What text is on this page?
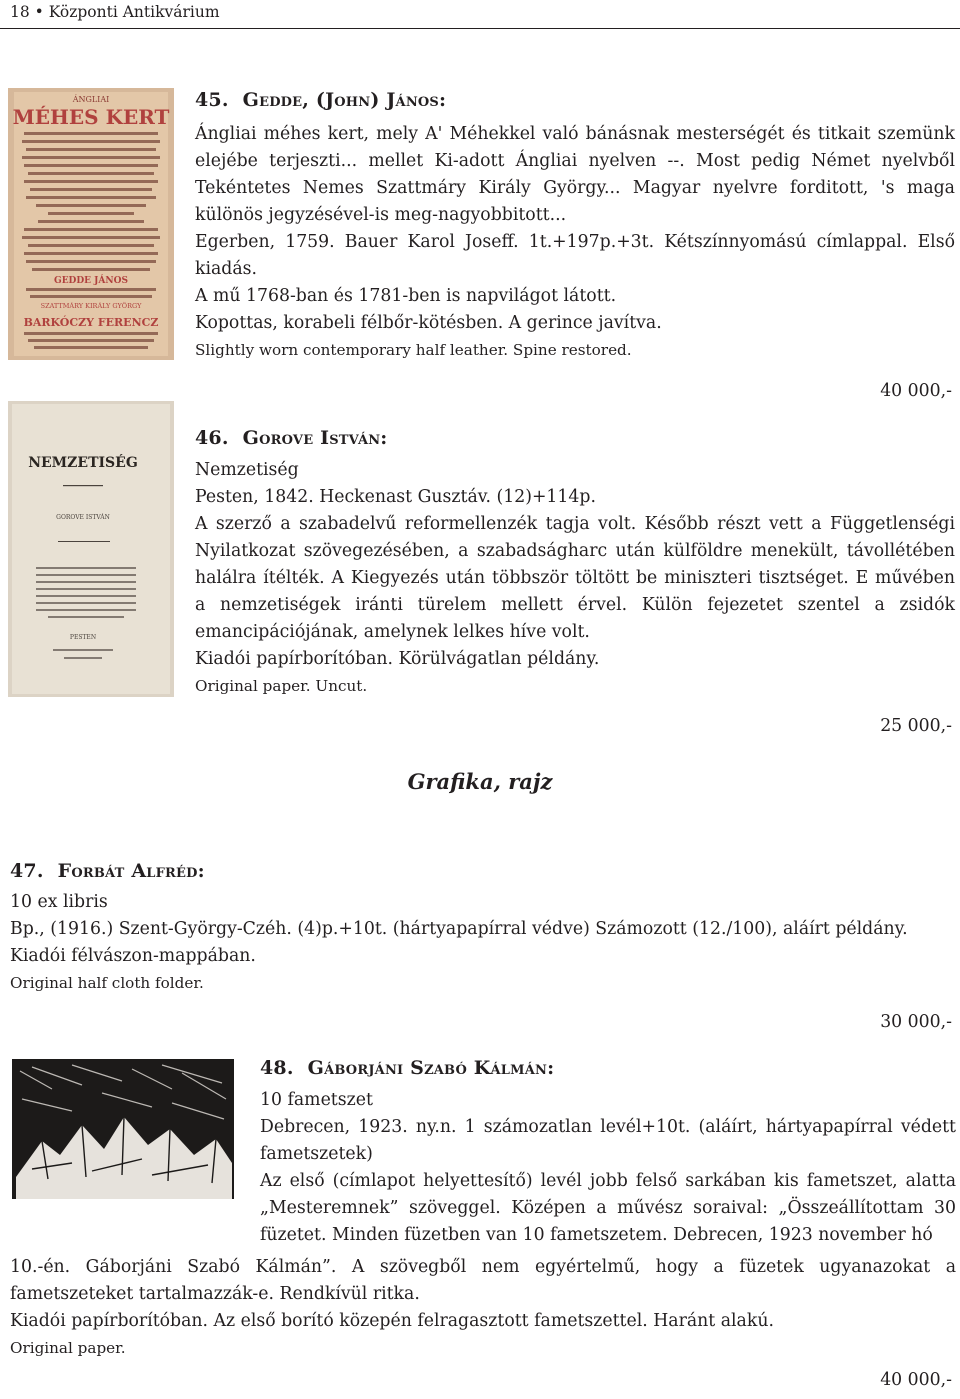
18 • Központi Antikvárium
ÁNGLIAI
MÉHES KERT
GEDDE JÁNOS
SZATTMÁRY KIRÁLY GYÖRGY
BARKÓCZY FERENCZ
45. Gedde, (John) János:

Ángliai méhes kert, mely A' Méhekkel való bánásnak mesterségét és titkait szemünk elejébe terjeszti... mellet Ki-adott Ángliai nyelven --. Most pedig Német nyelvből Tekéntetes Nemes Szattmáry Király György... Magyar nyelvre forditott, 's maga különös jegyzésével-is meg-nagyobbitott...

Egerben, 1759. Bauer Karol Joseff. 1t.+197p.+3t. Kétszínnyomású címlappal. Első kiadás.

A mű 1768-ban és 1781-ben is napvilágot látott.

Kopottas, korabeli félbőr-kötésben. A gerince javítva.

Slightly worn contemporary half leather. Spine restored.

40 000,-
NEMZETISÉG
GOROVE ISTVÁN
PESTEN
46. Gorove István:

Nemzetiség

Pesten, 1842. Heckenast Gusztáv. (12)+114p.

A szerző a szabadelvű reformellenzék tagja volt. Később részt vett a Függetlenségi Nyilatkozat szövegezésében, a szabadságharc után külföldre menekült, távollétében halálra ítélték. A Kiegyezés után többször töltött be miniszteri tisztséget. E művében a nemzetiségek iránti türelem mellett érvel. Külön fejezetet szentel a zsidók emancipációjának, amelynek lelkes híve volt.

Kiadói papírborítóban. Körülvágatlan példány.

Original paper. Uncut.

25 000,-
Grafika, rajz
47. Forbát Alfréd:

10 ex libris

Bp., (1916.) Szent-György-Czéh. (4)p.+10t. (hártyapapírral védve) Számozott (12./100), aláírt példány.

Kiadói félvászon-mappában.

Original half cloth folder.

30 000,-
48. Gáborjáni Szabó Kálmán:

10 fametszet

Debrecen, 1923. ny.n. 1 számozatlan levél+10t. (aláírt, hártyapapírral védett fametszetek)

Az első (címlapot helyettesítő) levél jobb felső sarkában kis fametszet, alatta „Mesteremnek” szöveggel. Középen a művész soraival: „Összeállítottam 30 füzetet. Minden füzetben van 10 fametszetem. Debrecen, 1923 november hó

10.-én. Gáborjáni Szabó Kálmán”. A szövegből nem egyértelmű, hogy a füzetek ugyanazokat a fametszeteket tartalmazzák-e. Rendkívül ritka.

Kiadói papírborítóban. Az első borító közepén felragasztott fametszettel. Haránt alakú.

Original paper.

40 000,-
